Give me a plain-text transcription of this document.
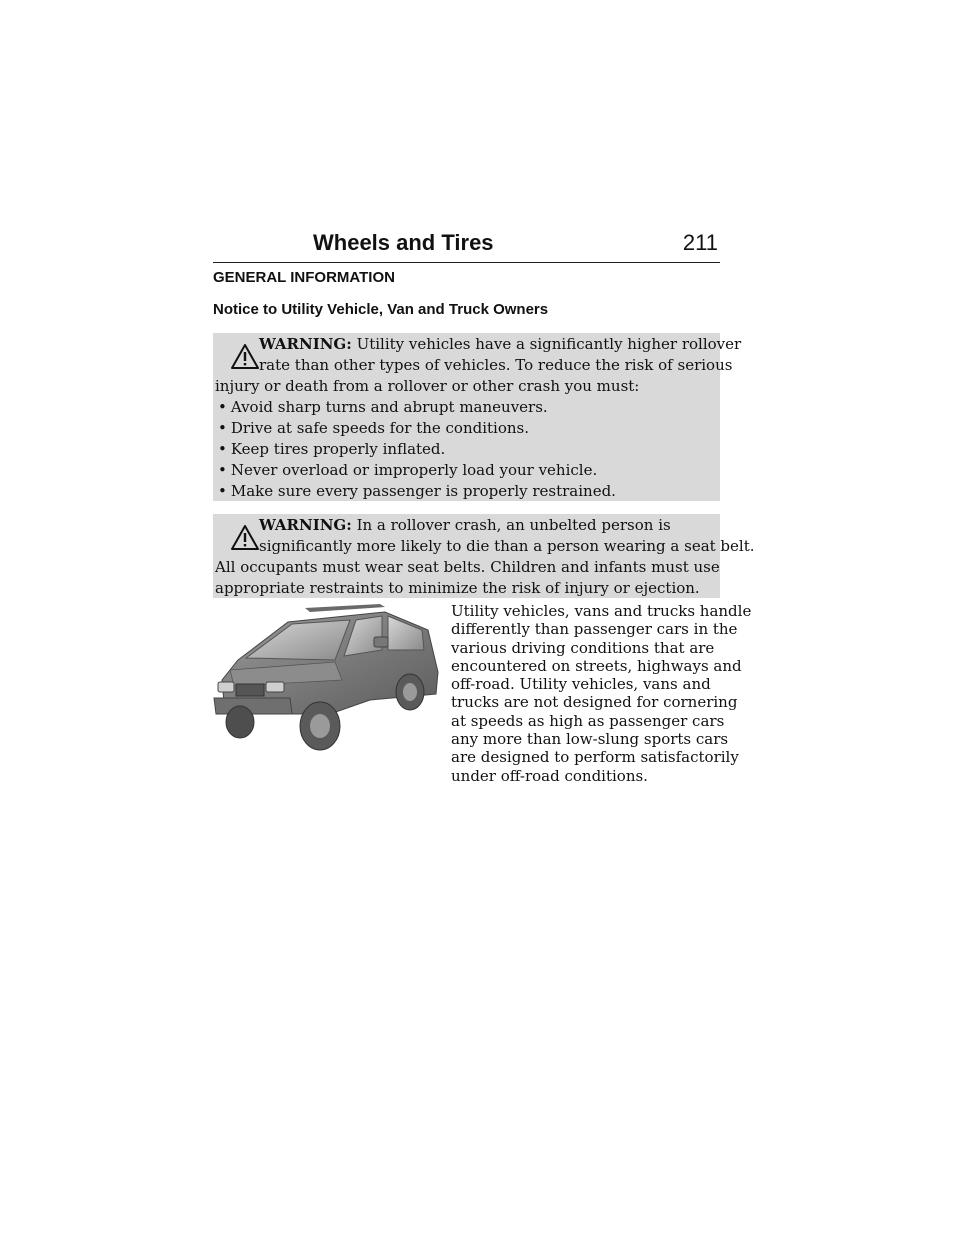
Wheels and Tires	211
GENERAL INFORMATION
Notice to Utility Vehicle, Van and Truck Owners
WARNING: Utility vehicles have a significantly higher rollover
rate than other types of vehicles. To reduce the risk of serious
injury or death from a rollover or other crash you must:
• Avoid sharp turns and abrupt maneuvers.
• Drive at safe speeds for the conditions.
• Keep tires properly inflated.
• Never overload or improperly load your vehicle.
• Make sure every passenger is properly restrained.
WARNING: In a rollover crash, an unbelted person is
significantly more likely to die than a person wearing a seat belt.
All occupants must wear seat belts. Children and infants must use
appropriate restraints to minimize the risk of injury or ejection.
Utility vehicles, vans and trucks handle
differently than passenger cars in the
various driving conditions that are
encountered on streets, highways and
off-road. Utility vehicles, vans and
trucks are not designed for cornering
at speeds as high as passenger cars
any more than low-slung sports cars
are designed to perform satisfactorily
under off-road conditions.
